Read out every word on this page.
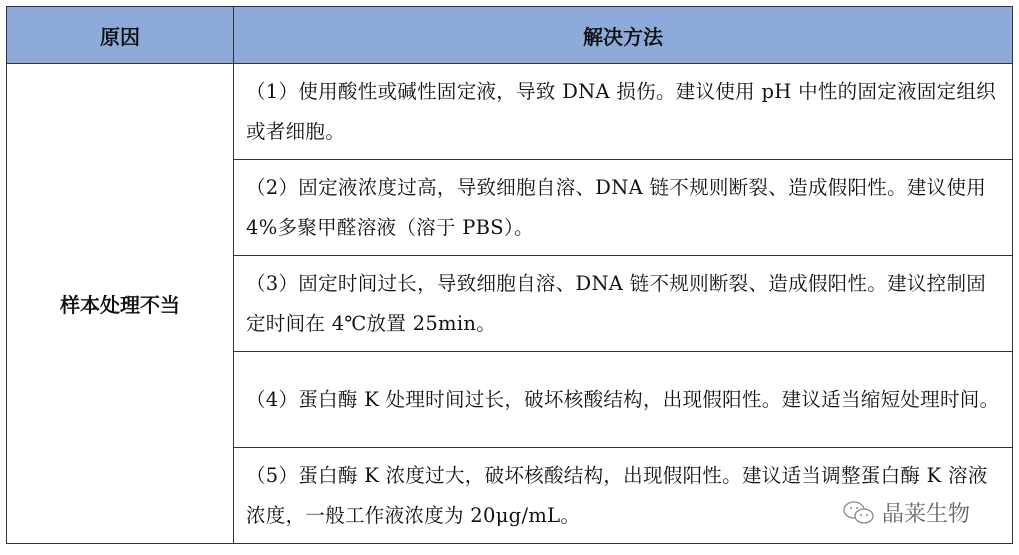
原因	解决方法
样本处理不当	（1）使用酸性或碱性固定液，导致 DNA 损伤。建议使用 pH 中性的固定液固定组织或者细胞。
	（2）固定液浓度过高，导致细胞自溶、DNA 链不规则断裂、造成假阳性。建议使用 4%多聚甲醛溶液（溶于 PBS）。
	（3）固定时间过长，导致细胞自溶、DNA 链不规则断裂、造成假阳性。建议控制固定时间在 4℃放置 25min。
	（4）蛋白酶 K 处理时间过长，破坏核酸结构，出现假阳性。建议适当缩短处理时间。
	（5）蛋白酶 K 浓度过大，破坏核酸结构，出现假阳性。建议适当调整蛋白酶 K 溶液浓度，一般工作液浓度为 20μg/mL。	晶莱生物
